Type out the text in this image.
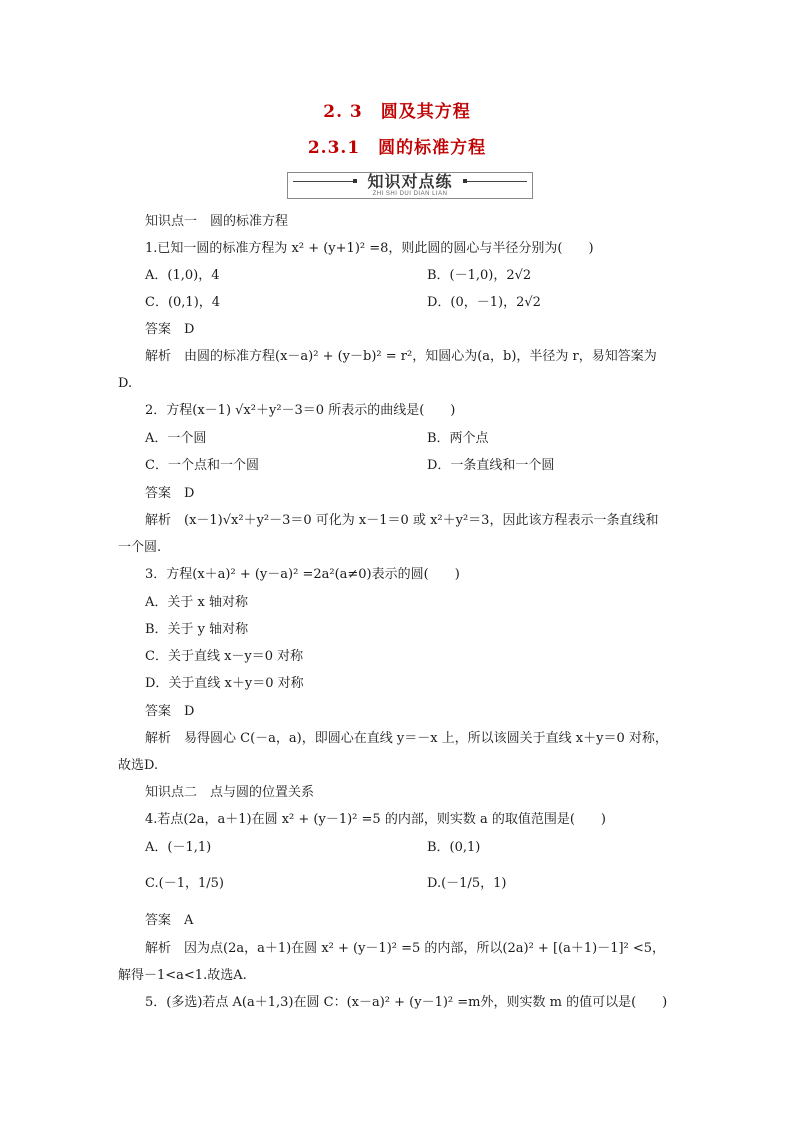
2. 3　圆及其方程
2.3.1　圆的标准方程
知识对点练
ZHI SHI DUI DIAN LIAN
知识点一　圆的标准方程
1.已知一圆的标准方程为 x² + (y+1)² =8，则此圆的圆心与半径分别为(　　)
A．(1,0)，4	B．(－1,0)，2√2
C．(0,1)，4	D．(0，－1)，2√2
答案　D
解析　由圆的标准方程(x－a)² + (y－b)² = r²，知圆心为(a，b)，半径为 r，易知答案为
D.
2．方程(x－1) √x²＋y²－3＝0 所表示的曲线是(　　)
A．一个圆	B．两个点
C．一个点和一个圆	D．一条直线和一个圆
答案　D
解析　(x－1)√x²＋y²－3＝0 可化为 x－1＝0 或 x²＋y²＝3，因此该方程表示一条直线和
一个圆.
3．方程(x＋a)² + (y－a)² =2a²(a≠0)表示的圆(　　)
A．关于 x 轴对称
B．关于 y 轴对称
C．关于直线 x－y＝0 对称
D．关于直线 x＋y＝0 对称
答案　D
解析　易得圆心 C(－a，a)，即圆心在直线 y＝－x 上，所以该圆关于直线 x＋y＝0 对称，
故选D.
知识点二　点与圆的位置关系
4.若点(2a，a＋1)在圆 x² + (y－1)² =5 的内部，则实数 a 的取值范围是(　　)
A．(－1,1)	B．(0,1)
C.(－1，1/5)	D.(－1/5，1)
答案　A
解析　因为点(2a，a＋1)在圆 x² + (y－1)² =5 的内部，所以(2a)² + [(a＋1)－1]² <5，
解得－1<a<1.故选A.
5．(多选)若点 A(a＋1,3)在圆 C：(x－a)² + (y－1)² =m外，则实数 m 的值可以是(　　)
